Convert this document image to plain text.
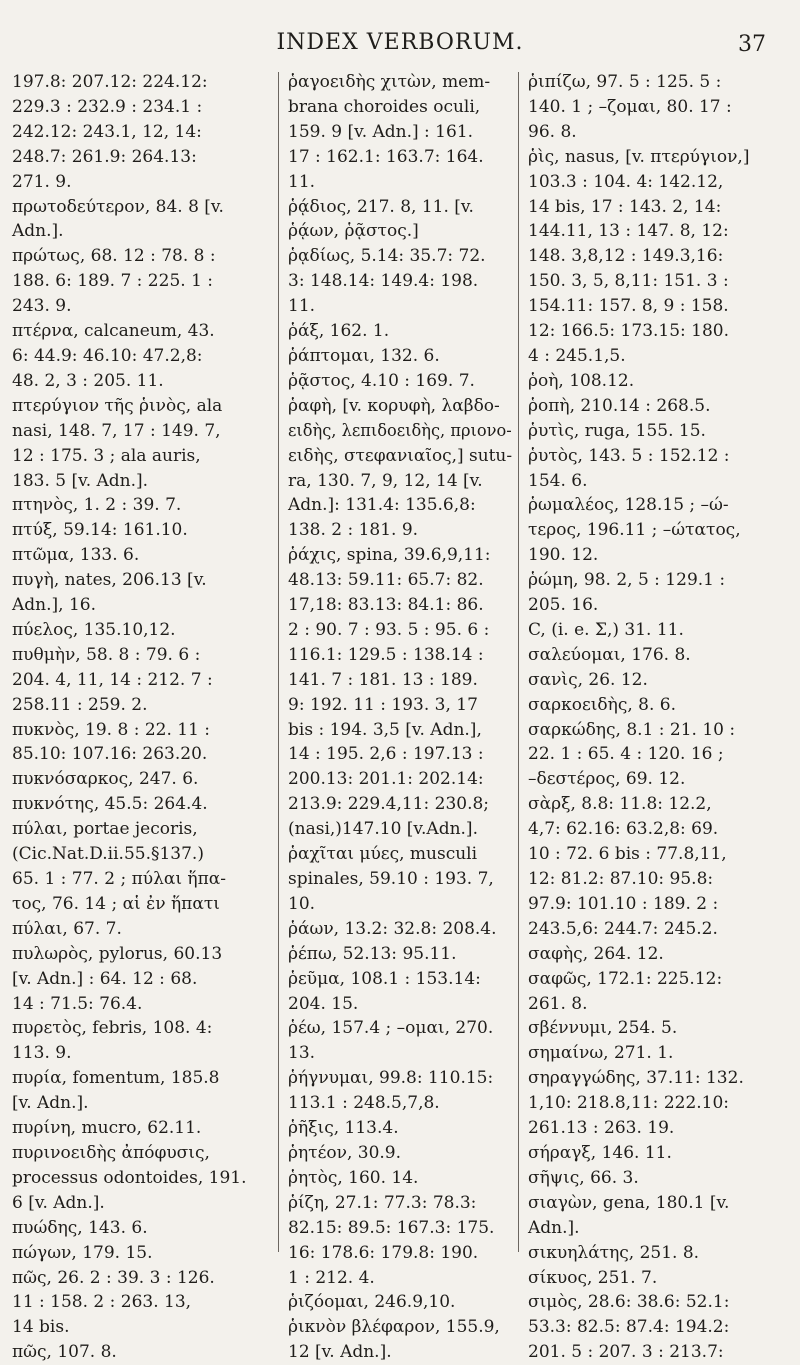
INDEX VERBORUM.	37
197.8: 207.12: 224.12:
229.3 : 232.9 : 234.1 :
242.12: 243.1, 12, 14:
248.7: 261.9: 264.13:
271. 9.
πρωτοδεύτερον, 84. 8 [v.
Adn.].
πρώτως, 68. 12 : 78. 8 :
188. 6: 189. 7 : 225. 1 :
243. 9.
πτέρνα, calcaneum, 43.
6: 44.9: 46.10: 47.2,8:
48. 2, 3 : 205. 11.
πτερύγιον τῆς ῥινὸς, ala
nasi, 148. 7, 17 : 149. 7,
12 : 175. 3 ; ala auris,
183. 5 [v. Adn.].
πτηνὸς, 1. 2 : 39. 7.
πτύξ, 59.14: 161.10.
πτῶμα, 133. 6.
πυγὴ, nates, 206.13 [v.
Adn.], 16.
πύελος, 135.10,12.
πυθμὴν, 58. 8 : 79. 6 :
204. 4, 11, 14 : 212. 7 :
258.11 : 259. 2.
πυκνὸς, 19. 8 : 22. 11 :
85.10: 107.16: 263.20.
πυκνόσαρκος, 247. 6.
πυκνότης, 45.5: 264.4.
πύλαι, portae jecoris,
(Cic.Nat.D.ii.55.§137.)
65. 1 : 77. 2 ; πύλαι ἥπα-
τος, 76. 14 ; αἱ ἐν ἥπατι
πύλαι, 67. 7.
πυλωρὸς, pylorus, 60.13
[v. Adn.] : 64. 12 : 68.
14 : 71.5: 76.4.
πυρετὸς, febris, 108. 4:
113. 9.
πυρία, fomentum, 185.8
[v. Adn.].
πυρίνη, mucro, 62.11.
πυρινοειδὴς ἀπόφυσις,
processus odontoides, 191.
6 [v. Adn.].
πυώδης, 143. 6.
πώγων, 179. 15.
πῶς, 26. 2 : 39. 3 : 126.
11 : 158. 2 : 263. 13,
14 bis.
πῶς, 107. 8.
ῥαγοειδὴς χιτὼν, mem-
brana choroides oculi,
159. 9 [v. Adn.] : 161.
17 : 162.1: 163.7: 164.
11.
ῥᾴδιος, 217. 8, 11. [v.
ῥᾴων, ῥᾷστος.]
ῥᾳδίως, 5.14: 35.7: 72.
3: 148.14: 149.4: 198.
11.
ῥάξ, 162. 1.
ῥάπτομαι, 132. 6.
ῥᾷστος, 4.10 : 169. 7.
ῥαφὴ, [v. κορυφὴ, λαβδο-
ειδὴς, λεπιδοειδὴς, πριονο-ειδὴς, στεφανιαῖος,] sutu-
ra, 130. 7, 9, 12, 14 [v.
Adn.]: 131.4: 135.6,8:
138. 2 : 181. 9.
ῥάχις, spina, 39.6,9,11:
48.13: 59.11: 65.7: 82.
17,18: 83.13: 84.1: 86.
2 : 90. 7 : 93. 5 : 95. 6 :
116.1: 129.5 : 138.14 :
141. 7 : 181. 13 : 189.
9: 192. 11 : 193. 3, 17
bis : 194. 3,5 [v. Adn.],
14 : 195. 2,6 : 197.13 :
200.13: 201.1: 202.14:
213.9: 229.4,11: 230.8;
(nasi,)147.10 [v.Adn.].
ῥαχῖται μύες, musculi
spinales, 59.10 : 193. 7,
10.
ῥάων, 13.2: 32.8: 208.4.
ῥέπω, 52.13: 95.11.
ῥεῦμα, 108.1 : 153.14:
204. 15.
ῥέω, 157.4 ; –ομαι, 270.
13.
ῥήγνυμαι, 99.8: 110.15:
113.1 : 248.5,7,8.
ῥῆξις, 113.4.
ῥητέον, 30.9.
ῥητὸς, 160. 14.
ῥίζη, 27.1: 77.3: 78.3:
82.15: 89.5: 167.3: 175.
16: 178.6: 179.8: 190.
1 : 212. 4.
ῥιζόομαι, 246.9,10.
ῥικνὸν βλέφαρον, 155.9,
12 [v. Adn.].
ῥιπίζω, 97. 5 : 125. 5 :
140. 1 ; –ζομαι, 80. 17 :
96. 8.
ῥὶς, nasus, [v. πτερύγιον,]
103.3 : 104. 4: 142.12,
14 bis, 17 : 143. 2, 14:
144.11, 13 : 147. 8, 12:
148. 3,8,12 : 149.3,16:
150. 3, 5, 8,11: 151. 3 :
154.11: 157. 8, 9 : 158.
12: 166.5: 173.15: 180.
4 : 245.1,5.
ῥοὴ, 108.12.
ῥοπὴ, 210.14 : 268.5.
ῥυτὶς, ruga, 155. 15.
ῥυτὸς, 143. 5 : 152.12 :
154. 6.
ῥωμαλέος, 128.15 ; –ώ-
τερος, 196.11 ; –ώτατος,
190. 12.
ῥώμη, 98. 2, 5 : 129.1 :
205. 16.
C, (i. e. Σ,) 31. 11.
σαλεύομαι, 176. 8.
σανὶς, 26. 12.
σαρκοειδὴς, 8. 6.
σαρκώδης, 8.1 : 21. 10 :
22. 1 : 65. 4 : 120. 16 ;
–δεστέρος, 69. 12.
σὰρξ, 8.8: 11.8: 12.2,
4,7: 62.16: 63.2,8: 69.
10 : 72. 6 bis : 77.8,11,
12: 81.2: 87.10: 95.8:
97.9: 101.10 : 189. 2 :
243.5,6: 244.7: 245.2.
σαφὴς, 264. 12.
σαφῶς, 172.1: 225.12:
261. 8.
σβέννυμι, 254. 5.
σημαίνω, 271. 1.
σηραγγώδης, 37.11: 132.
1,10: 218.8,11: 222.10:
261.13 : 263. 19.
σήραγξ, 146. 11.
σῆψις, 66. 3.
σιαγὼν, gena, 180.1 [v.
Adn.].
σικυηλάτης, 251. 8.
σίκυος, 251. 7.
σιμὸς, 28.6: 38.6: 52.1:
53.3: 82.5: 87.4: 194.2:
201. 5 : 207. 3 : 213.7:
